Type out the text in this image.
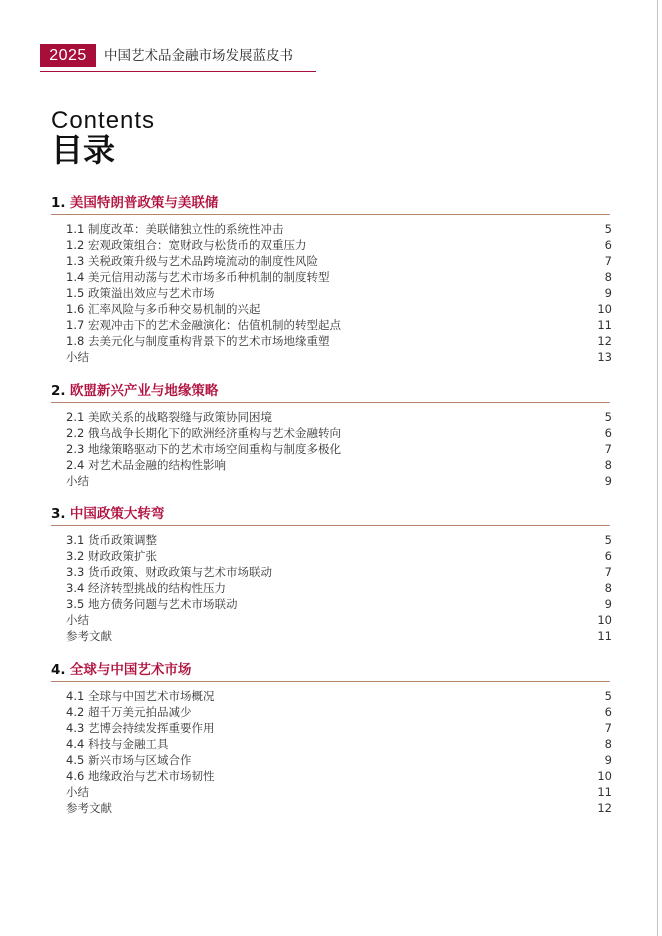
2025	中国艺术品金融市场发展蓝皮书
Contents
目录
1. 美国特朗普政策与美联储
1.1 制度改革：美联储独立性的系统性冲击	5
1.2 宏观政策组合：宽财政与松货币的双重压力	6
1.3 关税政策升级与艺术品跨境流动的制度性风险	7
1.4 美元信用动荡与艺术市场多币种机制的制度转型	8
1.5 政策溢出效应与艺术市场	9
1.6 汇率风险与多币种交易机制的兴起	10
1.7 宏观冲击下的艺术金融演化：估值机制的转型起点	11
1.8 去美元化与制度重构背景下的艺术市场地缘重塑	12
小结	13
2. 欧盟新兴产业与地缘策略
2.1 美欧关系的战略裂缝与政策协同困境	5
2.2 俄乌战争长期化下的欧洲经济重构与艺术金融转向	6
2.3 地缘策略驱动下的艺术市场空间重构与制度多极化	7
2.4 对艺术品金融的结构性影响	8
小结	9
3. 中国政策大转弯
3.1 货币政策调整	5
3.2 财政政策扩张	6
3.3 货币政策、财政政策与艺术市场联动	7
3.4 经济转型挑战的结构性压力	8
3.5 地方债务问题与艺术市场联动	9
小结	10
参考文献	11
4. 全球与中国艺术市场
4.1 全球与中国艺术市场概况	5
4.2 超千万美元拍品减少	6
4.3 艺博会持续发挥重要作用	7
4.4 科技与金融工具	8
4.5 新兴市场与区域合作	9
4.6 地缘政治与艺术市场韧性	10
小结	11
参考文献	12
